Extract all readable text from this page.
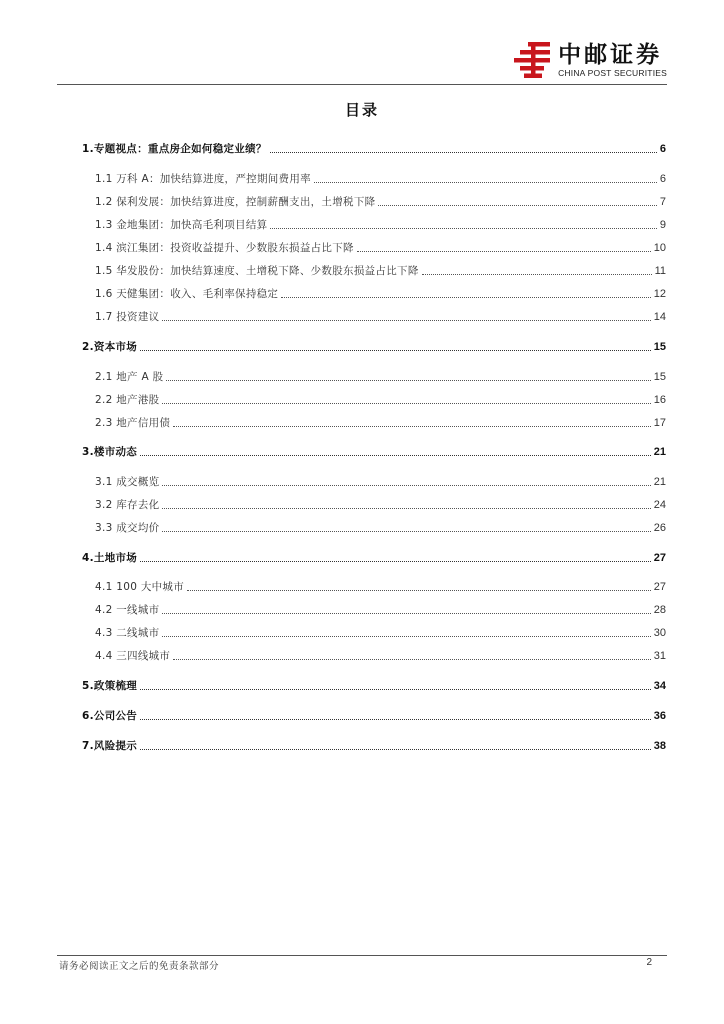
中邮证券
CHINA POST SECURITIES
目录
1.专题视点：重点房企如何稳定业绩？	6
1.1 万科 A：加快结算进度，严控期间费用率	6
1.2 保利发展：加快结算进度，控制薪酬支出，土增税下降	7
1.3 金地集团：加快高毛利项目结算	9
1.4 滨江集团：投资收益提升、少数股东损益占比下降	10
1.5 华发股份：加快结算速度、土增税下降、少数股东损益占比下降	11
1.6 天健集团：收入、毛利率保持稳定	12
1.7 投资建议	14
2.资本市场	15
2.1 地产 A 股	15
2.2 地产港股	16
2.3 地产信用债	17
3.楼市动态	21
3.1 成交概览	21
3.2 库存去化	24
3.3 成交均价	26
4.土地市场	27
4.1 100 大中城市	27
4.2 一线城市	28
4.3 二线城市	30
4.4 三四线城市	31
5.政策梳理	34
6.公司公告	36
7.风险提示	38
请务必阅读正文之后的免责条款部分	2
